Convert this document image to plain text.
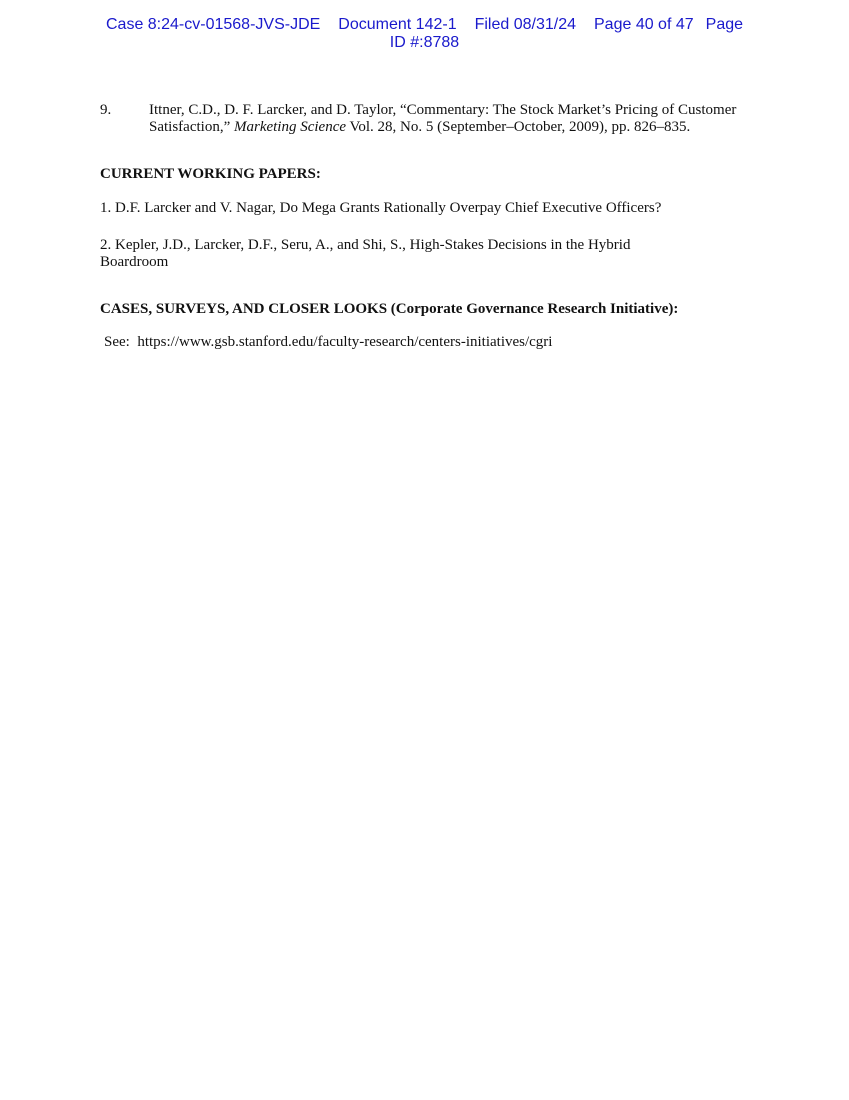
Case 8:24-cv-01568-JVS-JDE Document 142-1 Filed 08/31/24 Page 40 of 47 Page
ID #:8788
9.	Ittner, C.D., D. F. Larcker, and D. Taylor, “Commentary: The Stock Market’s Pricing of Customer Satisfaction,” Marketing Science Vol. 28, No. 5 (September–October, 2009), pp. 826–835.

CURRENT WORKING PAPERS:

1. D.F. Larcker and V. Nagar, Do Mega Grants Rationally Overpay Chief Executive Officers?

2. Kepler, J.D., Larcker, D.F., Seru, A., and Shi, S., High-Stakes Decisions in the Hybrid Boardroom

CASES, SURVEYS, AND CLOSER LOOKS (Corporate Governance Research Initiative):

See: https://www.gsb.stanford.edu/faculty-research/centers-initiatives/cgri
